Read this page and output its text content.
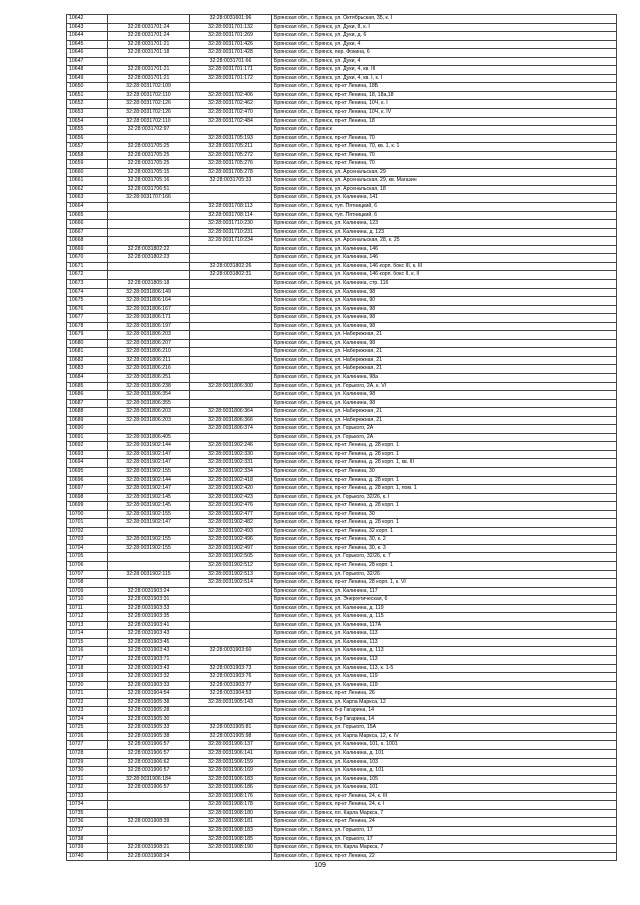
10642		32:28:0031601:96	Брянская обл., г. Брянск, ул. Октябрьская, 35, к. I
10643	32:28:0031701:24	32:28:0031701:132	Брянская обл., г. Брянск, ул. Дуки, 8, к. I
10644	32:28:0031701:24	32:28:0031701:269	Брянская обл., г. Брянск, ул. Дуки, д. 6
10645	32:28:0031701:21	32:28:0031701:426	Брянская обл., г. Брянск, ул. Дуки, 4
10646	32:28:0031701:18	32:28:0031701:428	Брянская обл., г. Брянск, пер. Фокина, 6
10647		32:28:0031701:66	Брянская обл., г. Брянск, ул. Дуки, 4
10648	32:28:0031701:21	32:28:0031701:171	Брянская обл., г. Брянск, ул. Дуки, 4, кв. III
10649	32:28:0031701:21	32:28:0031701:172	Брянская обл., г. Брянск, ул. Дуки, 4, кв. I, к. I
10650	32:28:0031702:109		Брянская обл., г. Брянск, пр-кт Ленина, 18Б
10651	32:28:0031702:110	32:28:0031702:406	Брянская обл., г. Брянск, пр-кт Ленина, 18, 18а,18
10652	32:28:0031702:126	32:28:0031702:462	Брянская обл., г. Брянск, пр-кт Ленина, 10Ч, к. I
10653	32:28:0031702:126	32:28:0031702:470	Брянская обл., г. Брянск, пр-кт Ленина, 10Ч, к. IV
10654	32:28:0031702:110	32:28:0031702:484	Брянская обл., г. Брянск, пр-кт Ленина, 18
10655	32:28:0031702:97		Брянская обл., г. Брянск
10656		32:28:0031705:193	Брянская обл., г. Брянск, пр-кт Ленина, 70
10657	32:28:0031705:25	32:28:0031705:211	Брянская обл., г. Брянск, пр-кт Ленина, 70, кв. 1, к. 1
10658	32:28:0031705:25	32:28:0031705:272	Брянская обл., г. Брянск, пр-кт Ленина, 70
10659	32:28:0031705:25	32:28:0031705:276	Брянская обл., г. Брянск, пр-кт Ленина, 70
10660	32:28:0031705:15	32:28:0031705:278	Брянская обл., г. Брянск, ул. Арсенальская, 29
10661	32:28:0031705:16	32:28:0031705:33	Брянская обл., г. Брянск, ул. Арсенальская, 29, кв. Магазин
10662	32:28:0031706:51		Брянская обл., г. Брянск, ул. Арсенальская, 18
10663	32:28:0031707:166		Брянская обл., г. Брянск, ул. Калинина, 141
10664		32:28:0031708:113	Брянская обл., г. Брянск, туп. Пятницкий, 6
10665		32:28:0031708:114	Брянская обл., г. Брянск, туп. Пятницкий, 6
10666		32:28:0031710:230	Брянская обл., г. Брянск, ул. Калинина, 123
10667		32:28:0031710:231	Брянская обл., г. Брянск, ул. Калинина, д. 123
10668		32:28:0031710:234	Брянская обл., г. Брянск, ул. Арсенальская, 28, к. 25
10669	32:28:0031802:22		Брянская обл., г. Брянск, ул. Калинина, 146
10670	32:28:0031802:23		Брянская обл., г. Брянск, ул. Калинина, 146
10671		32:28:0031802:26	Брянская обл., г. Брянск, ул. Калинина, 146 корп. бокс III, к. III
10672		32:28:0031802:31	Брянская обл., г. Брянск, ул. Калинина, 146 корп. бокс II, к. II
10673	32:28:0031805:18		Брянская обл., г. Брянск, ул. Калинина, стр. 116
10674	32:28:0031806:149		Брянская обл., г. Брянск, ул. Калинина, 98
10675	32:28:0031806:164		Брянская обл., г. Брянск, ул. Калинина, 90
10676	32:28:0031806:167		Брянская обл., г. Брянск, ул. Калинина, 98
10677	32:28:0031806:171		Брянская обл., г. Брянск, ул. Калинина, 98
10678	32:28:0031806:197		Брянская обл., г. Брянск, ул. Калинина, 98
10679	32:28:0031806:203		Брянская обл., г. Брянск, ул. Набережная, 21
10680	32:28:0031806:207		Брянская обл., г. Брянск, ул. Калинина, 98
10681	32:28:0031806:210		Брянская обл., г. Брянск, ул. Набережная, 21
10682	32:28:0031806:211		Брянская обл., г. Брянск, ул. Набережная, 21
10683	32:28:0031806:216		Брянская обл., г. Брянск, ул. Набережная, 21
10684	32:28:0031806:251		Брянская обл., г. Брянск, ул. Калинина, 98а
10685	32:28:0031806:238	32:28:0031806:300	Брянская обл., г. Брянск, ул. Горького, 2А, к. VI
10686	32:28:0031806:354		Брянская обл., г. Брянск, ул. Калинина, 98
10687	32:28:0031806:355		Брянская обл., г. Брянск, ул. Калинина, 98
10688	32:28:0031806:203	32:28:0031806:364	Брянская обл., г. Брянск, ул. Набережная, 21
10689	32:28:0031806:203	32:28:0031806:366	Брянская обл., г. Брянск, ул. Набережная, 21
10690		32:28:0031806:374	Брянская обл., г. Брянск, ул. Горького, 2А
10691	32:28:0031806:405		Брянская обл., г. Брянск, ул. Горького, 2А
10692	32:28:0031902:144	32:28:0031902:246	Брянская обл., г. Брянск, пр-кт Ленина, д. 28 корп. 1
10693	32:28:0031902:147	32:28:0031902:330	Брянская обл., г. Брянск, пр-кт Ленина, д. 28 корп. 1
10694	32:28:0031902:147	32:28:0031902:331	Брянская обл., г. Брянск, пр-кт Ленина, д. 28 корп. 1, кв. III
10695	32:28:0031902:155	32:28:0031902:334	Брянская обл., г. Брянск, пр-кт Ленина, 30
10696	32:28:0031902:144	32:28:0031902:418	Брянская обл., г. Брянск, пр-кт Ленина, д. 28 корп. 1
10697	32:28:0031902:147	32:28:0031902:420	Брянская обл., г. Брянск, пр-кт Ленина, д. 28 корп. 1, пом. 1
10698	32:28:0031902:145	32:28:0031902:423	Брянская обл., г. Брянск, ул. Горького, 32/26, к. I
10699	32:28:0031902:145	32:28:0031902:476	Брянская обл., г. Брянск, пр-кт Ленина, д. 28 корп. 1
10700	32:28:0031902:155	32:28:0031902:477	Брянская обл., г. Брянск, пр-кт Ленина, 30
10701	32:28:0031902:147	32:28:0031902:482	Брянская обл., г. Брянск, пр-кт Ленина, д. 28 корп. 1
10702		32:28:0031902:493	Брянская обл., г. Брянск, пр-кт Ленина, 32 корп. 1
10703	32:28:0031902:155	32:28:0031902:496	Брянская обл., г. Брянск, пр-кт Ленина, 30, к. 2
10704	32:28:0031902:155	32:28:0031902:497	Брянская обл., г. Брянск, пр-кт Ленина, 30, к. 3
10705		32:28:0031902:505	Брянская обл., г. Брянск, ул. Горького, 32/26, к. 7
10706		32:28:0031902:512	Брянская обл., г. Брянск, пр-кт Ленина, 28 корп. 1
10707	32:28:0031902:115	32:28:0031902:513	Брянская обл., г. Брянск, ул. Горького, 32/26
10708		32:28:0031902:514	Брянская обл., г. Брянск, пр-кт Ленина, 28 корп. 1, к. VI
10709	32:28:0031903:24		Брянская обл., г. Брянск, ул. Калинина, 117
10710	32:28:0031903:31		Брянская обл., г. Брянск, ул. Энергетическая, 6
10711	32:28:0031903:33		Брянская обл., г. Брянск, ул. Калинина, д. 119
10712	32:28:0031903:35		Брянская обл., г. Брянск, ул. Калинина, д. 115
10713	32:28:0031903:41		Брянская обл., г. Брянск, ул. Калинина, 117А
10714	32:28:0031903:43		Брянская обл., г. Брянск, ул. Калинина, 113
10715	32:28:0031903:45		Брянская обл., г. Брянск, ул. Калинина, 113
10716	32:28:0031903:43	32:28:0031903:60	Брянская обл., г. Брянск, ул. Калинина, д. 113
10717	32:28:0031903:71		Брянская обл., г. Брянск, ул. Калинина, 113
10718	32:28:0031903:43	32:28:0031903:73	Брянская обл., г. Брянск, ул. Калинина, 113, к. 1-5
10719	32:28:0031903:32	32:28:0031903:76	Брянская обл., г. Брянск, ул. Калинина, 119
10720	32:28:0031903:33	32:28:0031903:77	Брянская обл., г. Брянск, ул. Калинина, 119
10721	32:28:0031904:54	32:28:0031904:53	Брянская обл., г. Брянск, пр-кт Ленина, 26
10722	32:28:0031905:38	32:28:0031905:143	Брянская обл., г. Брянск, ул. Карла Маркса, 12
10723	32:28:0031905:28		Брянская обл., г. Брянск, б-р Гагарина, 14
10724	32:28:0031905:30		Брянская обл., г. Брянск, б-р Гагарина, 14
10725	32:28:0031905:33	32:28:0031905:81	Брянская обл., г. Брянск, ул. Горького, 15А
10726	32:28:0031905:38	32:28:0031905:98	Брянская обл., г. Брянск, ул. Карла Маркса, 12, к. IV
10727	32:28:0031906:57	32:28:0031906:137	Брянская обл., г. Брянск, ул. Калинина, 101, к. 1001
10728	32:28:0031906:57	32:28:0031906:141	Брянская обл., г. Брянск, ул. Калинина, д. 101
10729	32:28:0031906:62	32:28:0031906:159	Брянская обл., г. Брянск, ул. Калинина, 103
10730	32:28:0031906:57	32:28:0031906:169	Брянская обл., г. Брянск, ул. Калинина, д. 101
10731	32:28:0031906:184	32:28:0031906:183	Брянская обл., г. Брянск, ул. Калинина, 105
10732	32:28:0031906:57	32:28:0031906:186	Брянская обл., г. Брянск, ул. Калинина, 101
10733		32:28:0031908:176	Брянская обл., г. Брянск, пр-кт Ленина, 24, к. III
10734		32:28:0031908:178	Брянская обл., г. Брянск, пр-кт Ленина, 24, к. I
10735		32:28:0031908:180	Брянская обл., г. Брянск, пл. Карла Маркса, 7
10736	32:28:0031908:39	32:28:0031908:181	Брянская обл., г. Брянск, пр-кт Ленина, 24
10737		32:28:0031908:183	Брянская обл., г. Брянск, ул. Горького, 17
10738		32:28:0031908:185	Брянская обл., г. Брянск, ул. Горького, 17
10739	32:28:0031908:21	32:28:0031908:190	Брянская обл., г. Брянск, пл. Карла Маркса, 7
10740	32:28:0031908:24		Брянская обл., г. Брянск, пр-кт Ленина, 22
109
